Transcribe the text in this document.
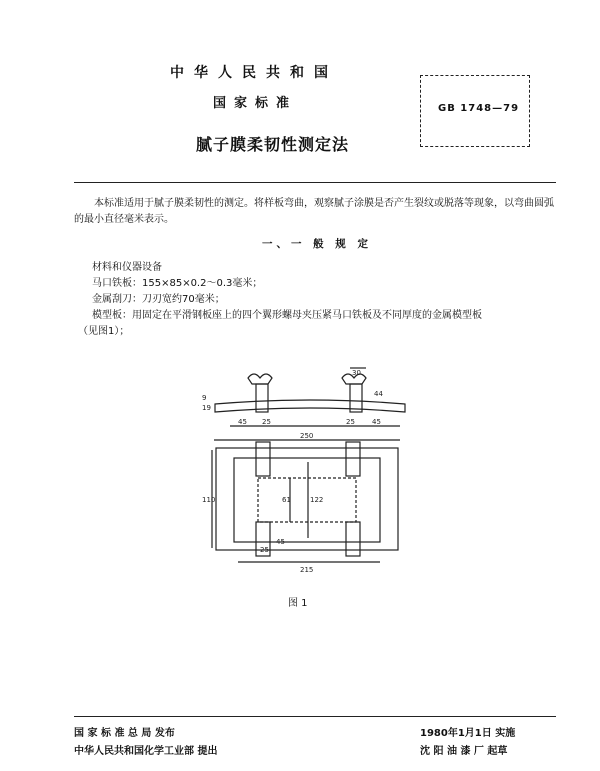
中华人民共和国
国家标准	GB 1748—79
腻子膜柔韧性测定法
本标准适用于腻子膜柔韧性的测定。将样板弯曲，观察腻子涂膜是否产生裂纹或脱落等现象，以弯曲圆弧的最小直径毫米表示。
一、一 般 规 定
材料和仪器设备
马口铁板：155×85×0.2～0.3毫米；
金属刮刀：刀刃宽约70毫米；
模型板：用固定在平滑钢板座上的四个翼形螺母夹压紧马口铁板及不同厚度的金属模型板
（见图1）；
30
44
45 25	25 45
250
110	61	122
215
25
45
9
19
图 1
国 家 标 准 总 局 发布	1980年1月1日 实施
中华人民共和国化学工业部 提出	沈 阳 油 漆 厂 起草
